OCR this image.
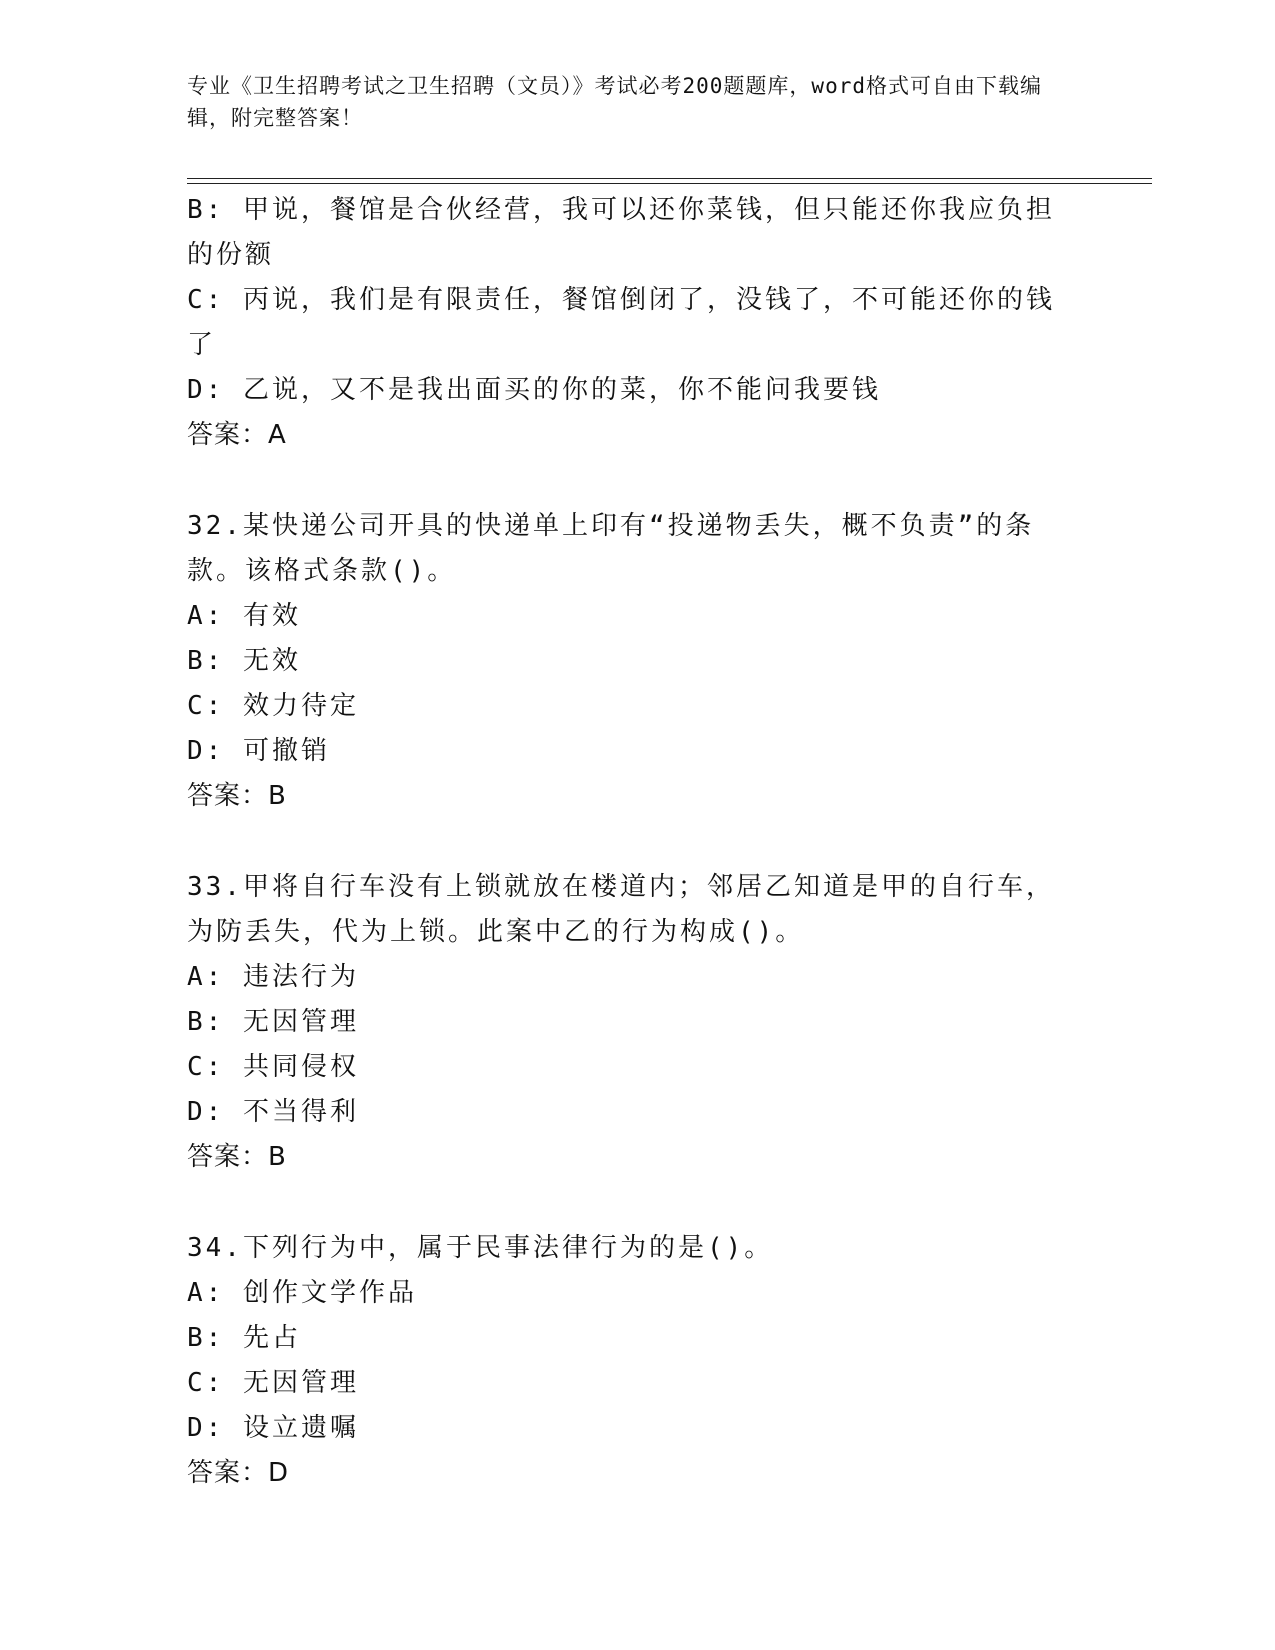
专业《卫生招聘考试之卫生招聘（文员）》考试必考200题题库，word格式可自由下载编辑，附完整答案！
B: 甲说，餐馆是合伙经营，我可以还你菜钱，但只能还你我应负担的份额
C: 丙说，我们是有限责任，餐馆倒闭了，没钱了，不可能还你的钱了
D: 乙说，又不是我出面买的你的菜，你不能问我要钱
答案：A
32.某快递公司开具的快递单上印有“投递物丢失，概不负责”的条款。该格式条款()。
A: 有效
B: 无效
C: 效力待定
D: 可撤销
答案：B
33.甲将自行车没有上锁就放在楼道内；邻居乙知道是甲的自行车，为防丢失，代为上锁。此案中乙的行为构成()。
A: 违法行为
B: 无因管理
C: 共同侵权
D: 不当得利
答案：B
34.下列行为中，属于民事法律行为的是()。
A: 创作文学作品
B: 先占
C: 无因管理
D: 设立遗嘱
答案：D
